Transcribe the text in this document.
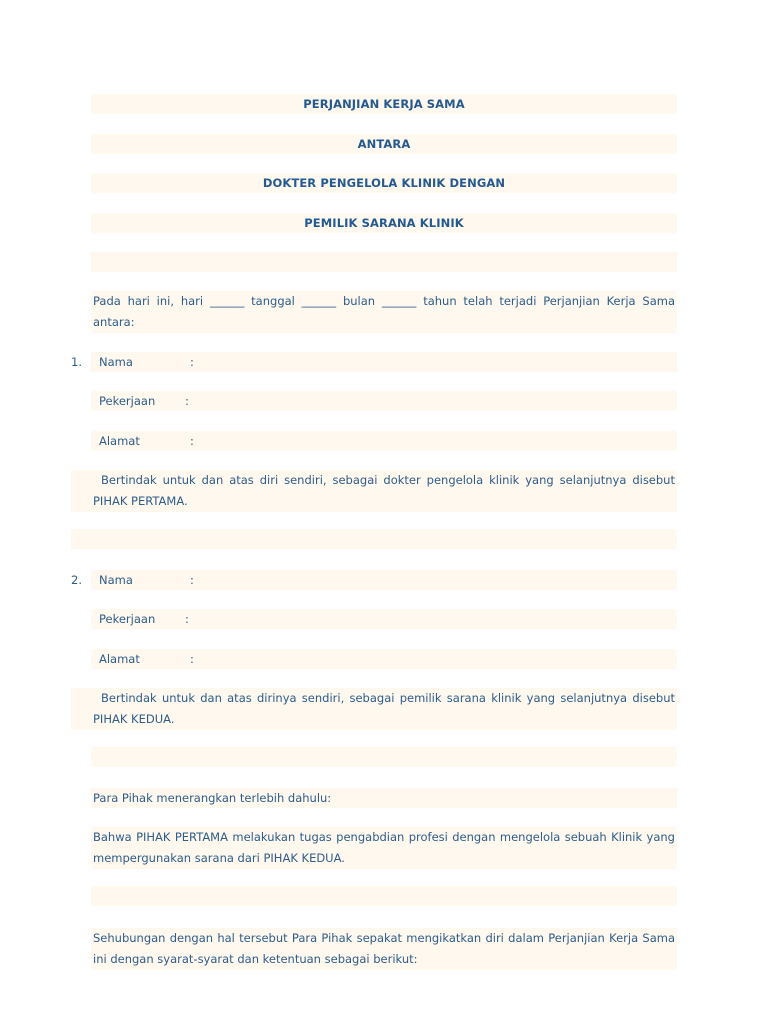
PERJANJIAN KERJA SAMA
ANTARA
DOKTER PENGELOLA KLINIK DENGAN
PEMILIK SARANA KLINIK
Pada hari ini, hari ______ tanggal ______ bulan ______ tahun telah terjadi Perjanjian Kerja Sama antara:
1. Nama	:
Pekerjaan	:
Alamat	:
Bertindak untuk dan atas diri sendiri, sebagai dokter pengelola klinik yang selanjutnya disebut PIHAK PERTAMA.
2. Nama	:
Pekerjaan	:
Alamat	:
Bertindak untuk dan atas dirinya sendiri, sebagai pemilik sarana klinik yang selanjutnya disebut PIHAK KEDUA.
Para Pihak menerangkan terlebih dahulu:
Bahwa PIHAK PERTAMA melakukan tugas pengabdian profesi dengan mengelola sebuah Klinik yang mempergunakan sarana dari PIHAK KEDUA.
Sehubungan dengan hal tersebut Para Pihak sepakat mengikatkan diri dalam Perjanjian Kerja Sama ini dengan syarat-syarat dan ketentuan sebagai berikut:
